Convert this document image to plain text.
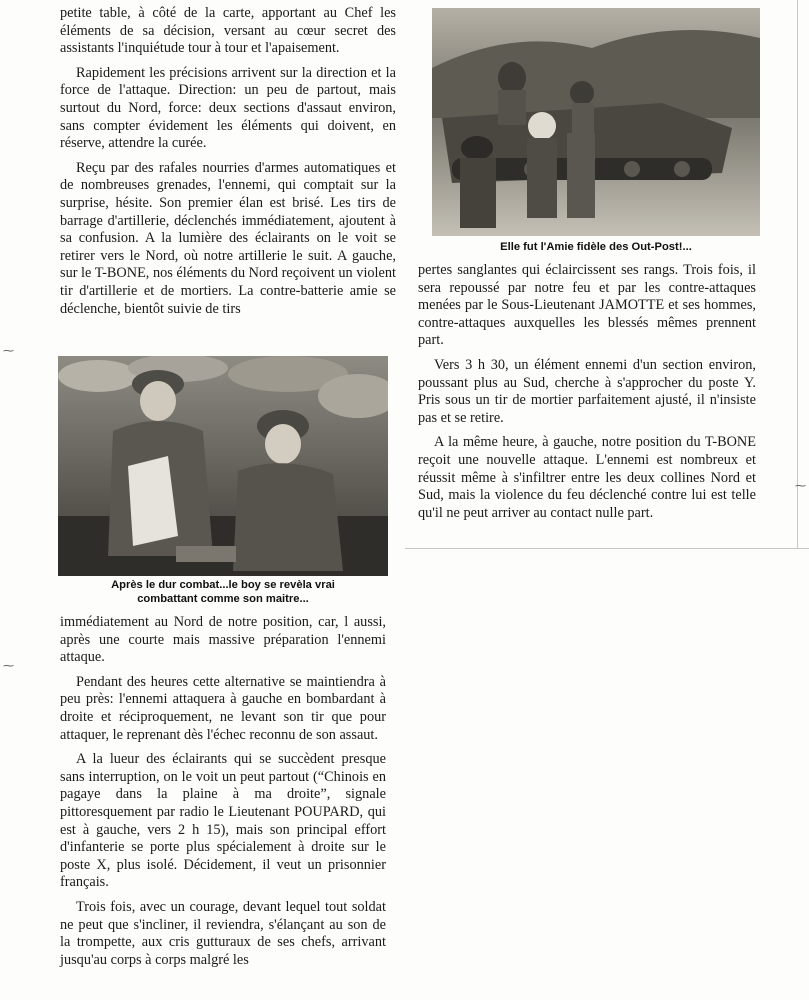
⁓
⁓
⁓

petite table, à côté de la carte, apportant au Chef les éléments de sa décision, versant au cœur secret des assistants l'inquiétude tour à tour et l'apaisement.

Rapidement les précisions arrivent sur la direction et la force de l'attaque. Direction: un peu de partout, mais surtout du Nord, force: deux sections d'assaut environ, sans compter évidement les éléments qui doivent, en réserve, attendre la curée.

Reçu par des rafales nourries d'armes automatiques et de nombreuses grenades, l'ennemi, qui comptait sur la surprise, hésite. Son premier élan est brisé. Les tirs de barrage d'artillerie, déclenchés immédiatement, ajoutent à sa confusion. A la lumière des éclairants on le voit se retirer vers le Nord, où notre artillerie le suit. A gauche, sur le T-BONE, nos éléments du Nord reçoivent un violent tir d'artillerie et de mortiers. La contre-batterie amie se déclenche, bientôt suivie de tirs

Après le dur combat...le boy se revèla vrai
combattant comme son maitre...

immédiatement au Nord de notre position, car, l aussi, après une courte mais massive préparation l'ennemi attaque.

Pendant des heures cette alternative se maintiendra à peu près: l'ennemi attaquera à gauche en bombardant à droite et réciproquement, ne levant son tir que pour attaquer, le reprenant dès l'échec reconnu de son assaut.

A la lueur des éclairants qui se succèdent presque sans interruption, on le voit un peut partout (“Chinois en pagaye dans la plaine à ma droite”, signale pittoresquement par radio le Lieutenant POUPARD, qui est à gauche, vers 2 h 15), mais son principal effort d'infanterie se porte plus spécialement à droite sur le poste X, plus isolé. Décidement, il veut un prisonnier français.

Trois fois, avec un courage, devant lequel tout soldat ne peut que s'incliner, il reviendra, s'élançant au son de la trompette, aux cris gutturaux de ses chefs, arrivant jusqu'au corps à corps malgré les

Elle fut l'Amie fidèle des Out-Post!...

pertes sanglantes qui éclaircissent ses rangs. Trois fois, il sera repoussé par notre feu et par les contre-attaques menées par le Sous-Lieutenant JAMOTTE et ses hommes, contre-attaques auxquelles les blessés mêmes prennent part.

Vers 3 h 30, un élément ennemi d'un section environ, poussant plus au Sud, cherche à s'approcher du poste Y. Pris sous un tir de mortier parfaitement ajusté, il n'insiste pas et se retire.

A la même heure, à gauche, notre position du T-BONE reçoit une nouvelle attaque. L'ennemi est nombreux et réussit même à s'infiltrer entre les deux collines Nord et Sud, mais la violence du feu déclenché contre lui est telle qu'il ne peut arriver au contact nulle part.
